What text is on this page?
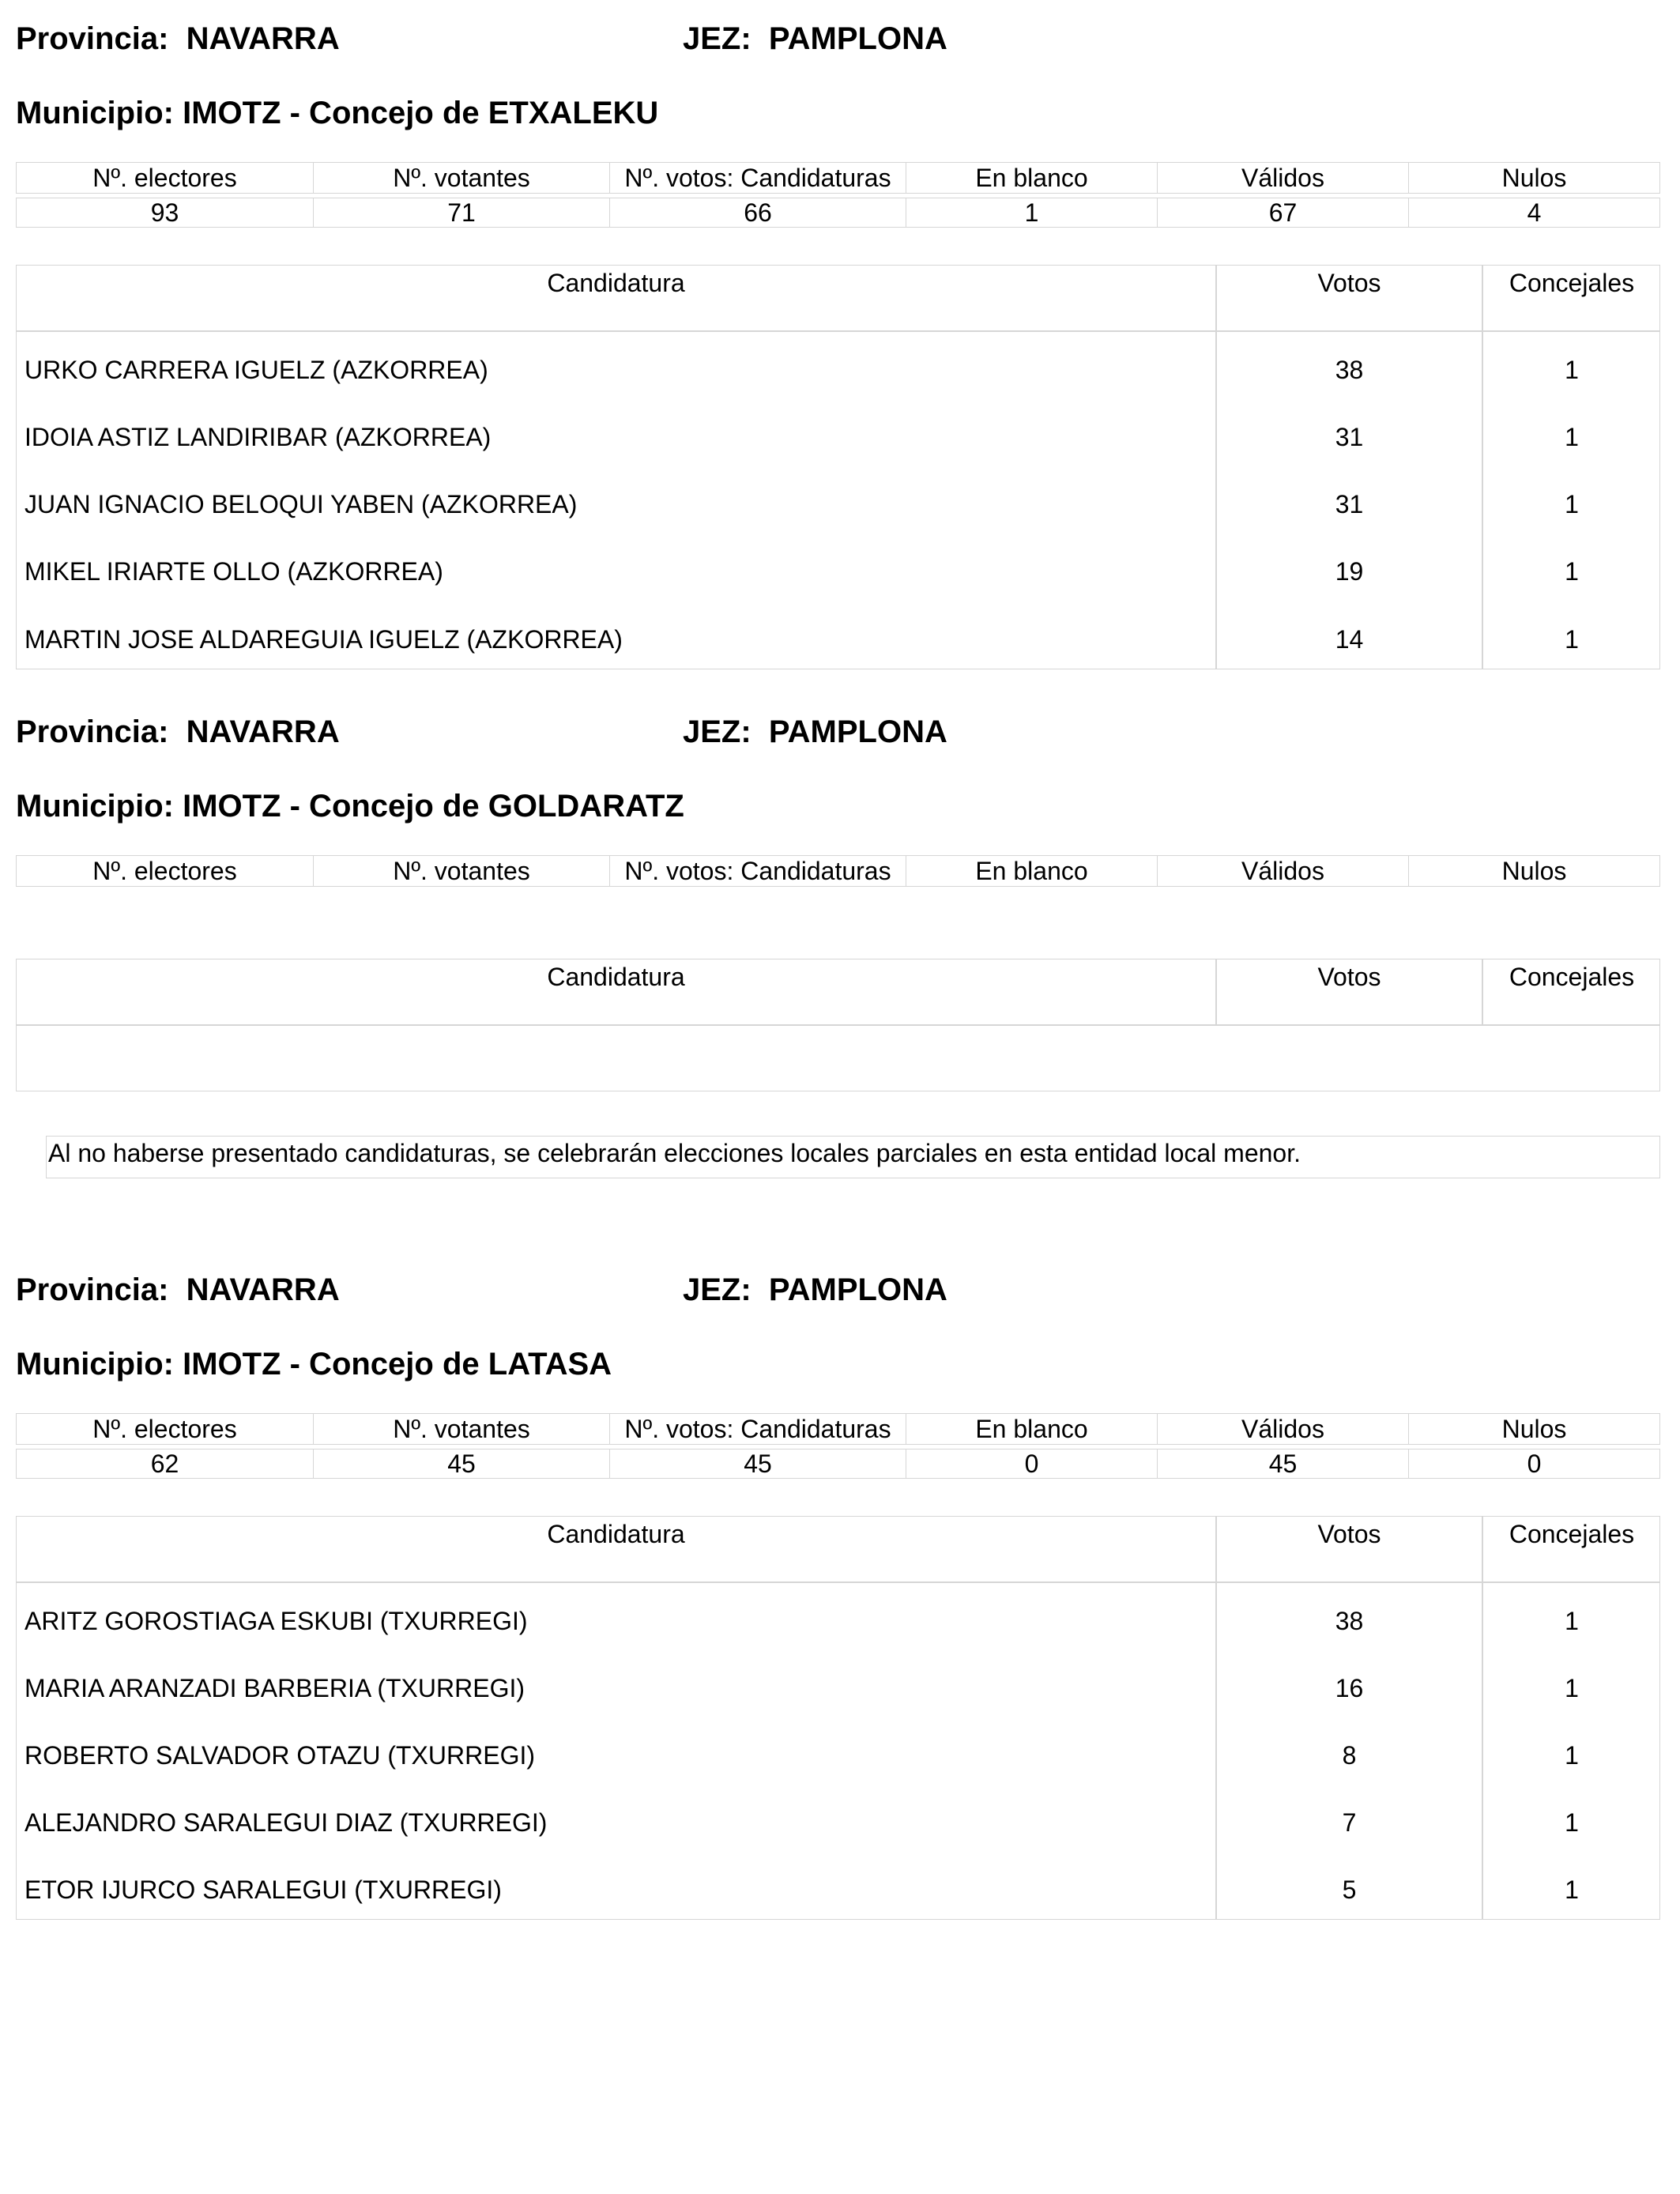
Provincia: NAVARRA	JEZ: PAMPLONA
Municipio: IMOTZ - Concejo de ETXALEKU
Nº. electores	Nº. votantes	Nº. votos: Candidaturas	En blanco	Válidos	Nulos
93	71	66	1	67	4
Candidatura	Votos	Concejales
URKO CARRERA IGUELZ (AZKORREA)	38	1
IDOIA ASTIZ LANDIRIBAR (AZKORREA)	31	1
JUAN IGNACIO BELOQUI YABEN (AZKORREA)	31	1
MIKEL IRIARTE OLLO (AZKORREA)	19	1
MARTIN JOSE ALDAREGUIA IGUELZ (AZKORREA)	14	1
Provincia: NAVARRA	JEZ: PAMPLONA
Municipio: IMOTZ - Concejo de GOLDARATZ
Nº. electores	Nº. votantes	Nº. votos: Candidaturas	En blanco	Válidos	Nulos
Candidatura	Votos	Concejales
Al no haberse presentado candidaturas, se celebrarán elecciones locales parciales en esta entidad local menor.
Provincia: NAVARRA	JEZ: PAMPLONA
Municipio: IMOTZ - Concejo de LATASA
Nº. electores	Nº. votantes	Nº. votos: Candidaturas	En blanco	Válidos	Nulos
62	45	45	0	45	0
Candidatura	Votos	Concejales
ARITZ GOROSTIAGA ESKUBI (TXURREGI)	38	1
MARIA ARANZADI BARBERIA (TXURREGI)	16	1
ROBERTO SALVADOR OTAZU (TXURREGI)	8	1
ALEJANDRO SARALEGUI DIAZ (TXURREGI)	7	1
ETOR IJURCO SARALEGUI (TXURREGI)	5	1
